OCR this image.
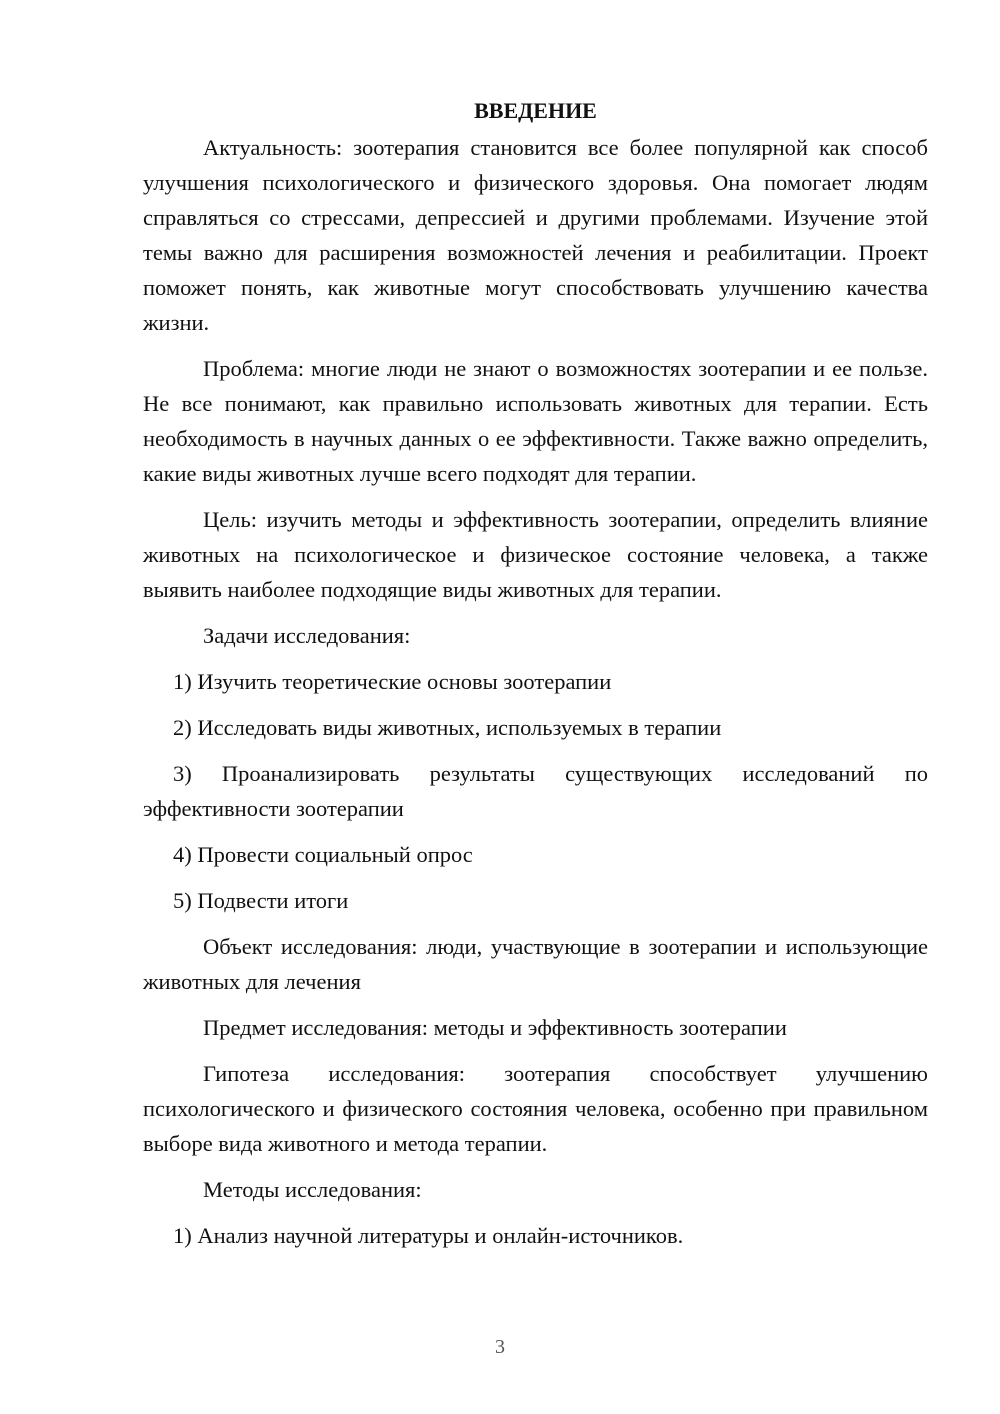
ВВЕДЕНИЕ

Актуальность: зоотерапия становится все более популярной как способ улучшения психологического и физического здоровья. Она помогает людям справляться со стрессами, депрессией и другими проблемами. Изучение этой темы важно для расширения возможностей лечения и реабилитации. Проект поможет понять, как животные могут способствовать улучшению качества жизни.

Проблема: многие люди не знают о возможностях зоотерапии и ее пользе. Не все понимают, как правильно использовать животных для терапии. Есть необходимость в научных данных о ее эффективности. Также важно определить, какие виды животных лучше всего подходят для терапии.

Цель: изучить методы и эффективность зоотерапии, определить влияние животных на психологическое и физическое состояние человека, а также выявить наиболее подходящие виды животных для терапии.

Задачи исследования:

1) Изучить теоретические основы зоотерапии

2) Исследовать виды животных, используемых в терапии

3) Проанализировать результаты существующих исследований по эффективности зоотерапии

4) Провести социальный опрос

5) Подвести итоги

Объект исследования: люди, участвующие в зоотерапии и использующие животных для лечения

Предмет исследования: методы и эффективность зоотерапии

Гипотеза исследования: зоотерапия способствует улучшению психологического и физического состояния человека, особенно при правильном выборе вида животного и метода терапии.

Методы исследования:

1) Анализ научной литературы и онлайн-источников.

3
